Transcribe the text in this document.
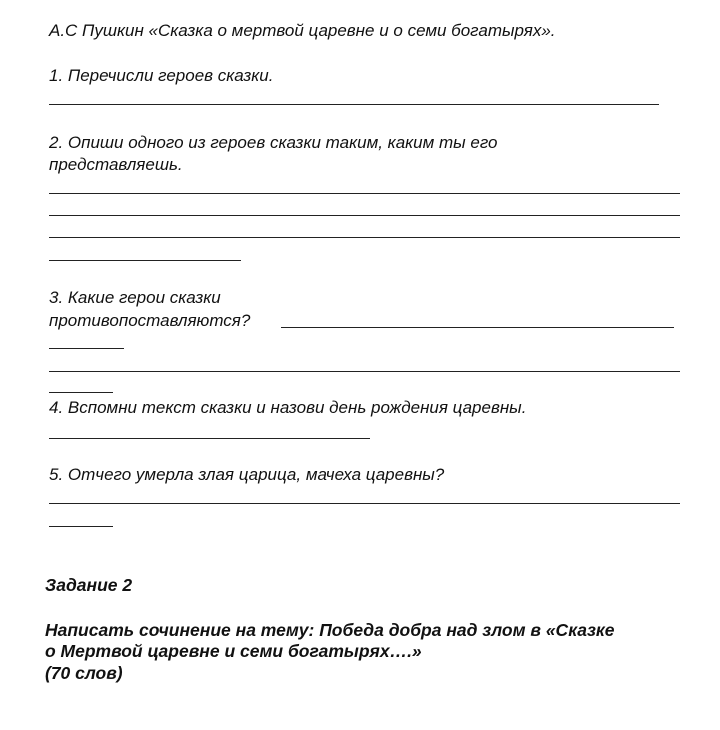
А.С Пушкин «Сказка о мертвой царевне и о семи богатырях».

1. Перечисли героев сказки.

2. Опиши одного из героев сказки таким, каким ты его

представляешь.

3. Какие герои сказки

противопоставляются?

4. Вспомни текст сказки и назови день рождения царевны.

5. Отчего умерла злая царица, мачеха царевны?

Задание 2

Написать сочинение на тему: Победа добра над злом в «Сказке

о Мертвой царевне и семи богатырях….»

(70 слов)
